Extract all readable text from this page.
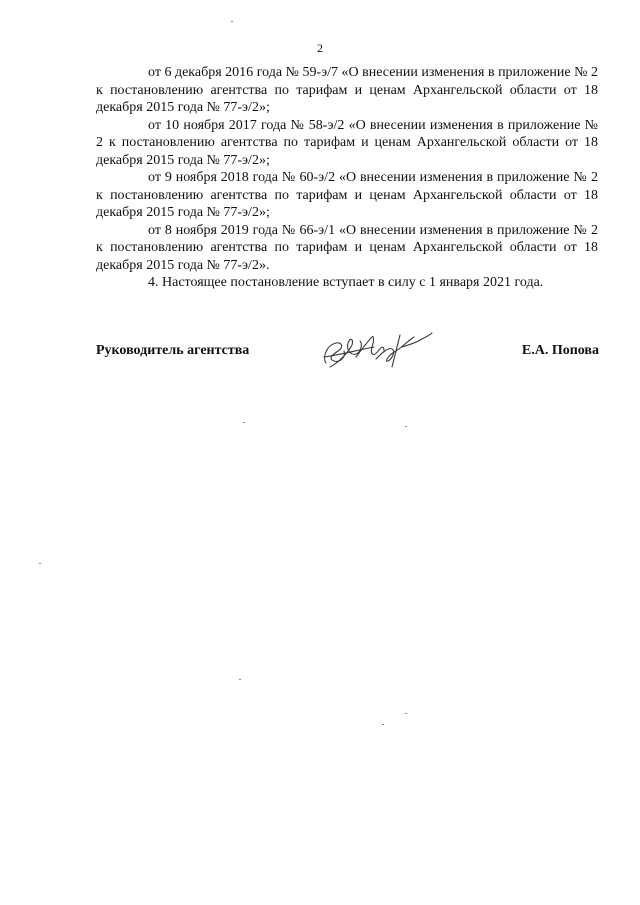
2

от 6 декабря 2016 года № 59-э/7 «О внесении изменения в приложение № 2 к постановлению агентства по тарифам и ценам Архангельской области от 18 декабря 2015 года № 77-э/2»;

от 10 ноября 2017 года № 58-э/2 «О внесении изменения в приложение № 2 к постановлению агентства по тарифам и ценам Архангельской области от 18 декабря 2015 года № 77-э/2»;

от 9 ноября 2018 года № 60-э/2 «О внесении изменения в приложение № 2 к постановлению агентства по тарифам и ценам Архангельской области от 18 декабря 2015 года № 77-э/2»;

от 8 ноября 2019 года № 66-э/1 «О внесении изменения в приложение № 2 к постановлению агентства по тарифам и ценам Архангельской области от 18 декабря 2015 года № 77-э/2».

4. Настоящее постановление вступает в силу с 1 января 2021 года.

Руководитель агентства	Е.А. Попова
